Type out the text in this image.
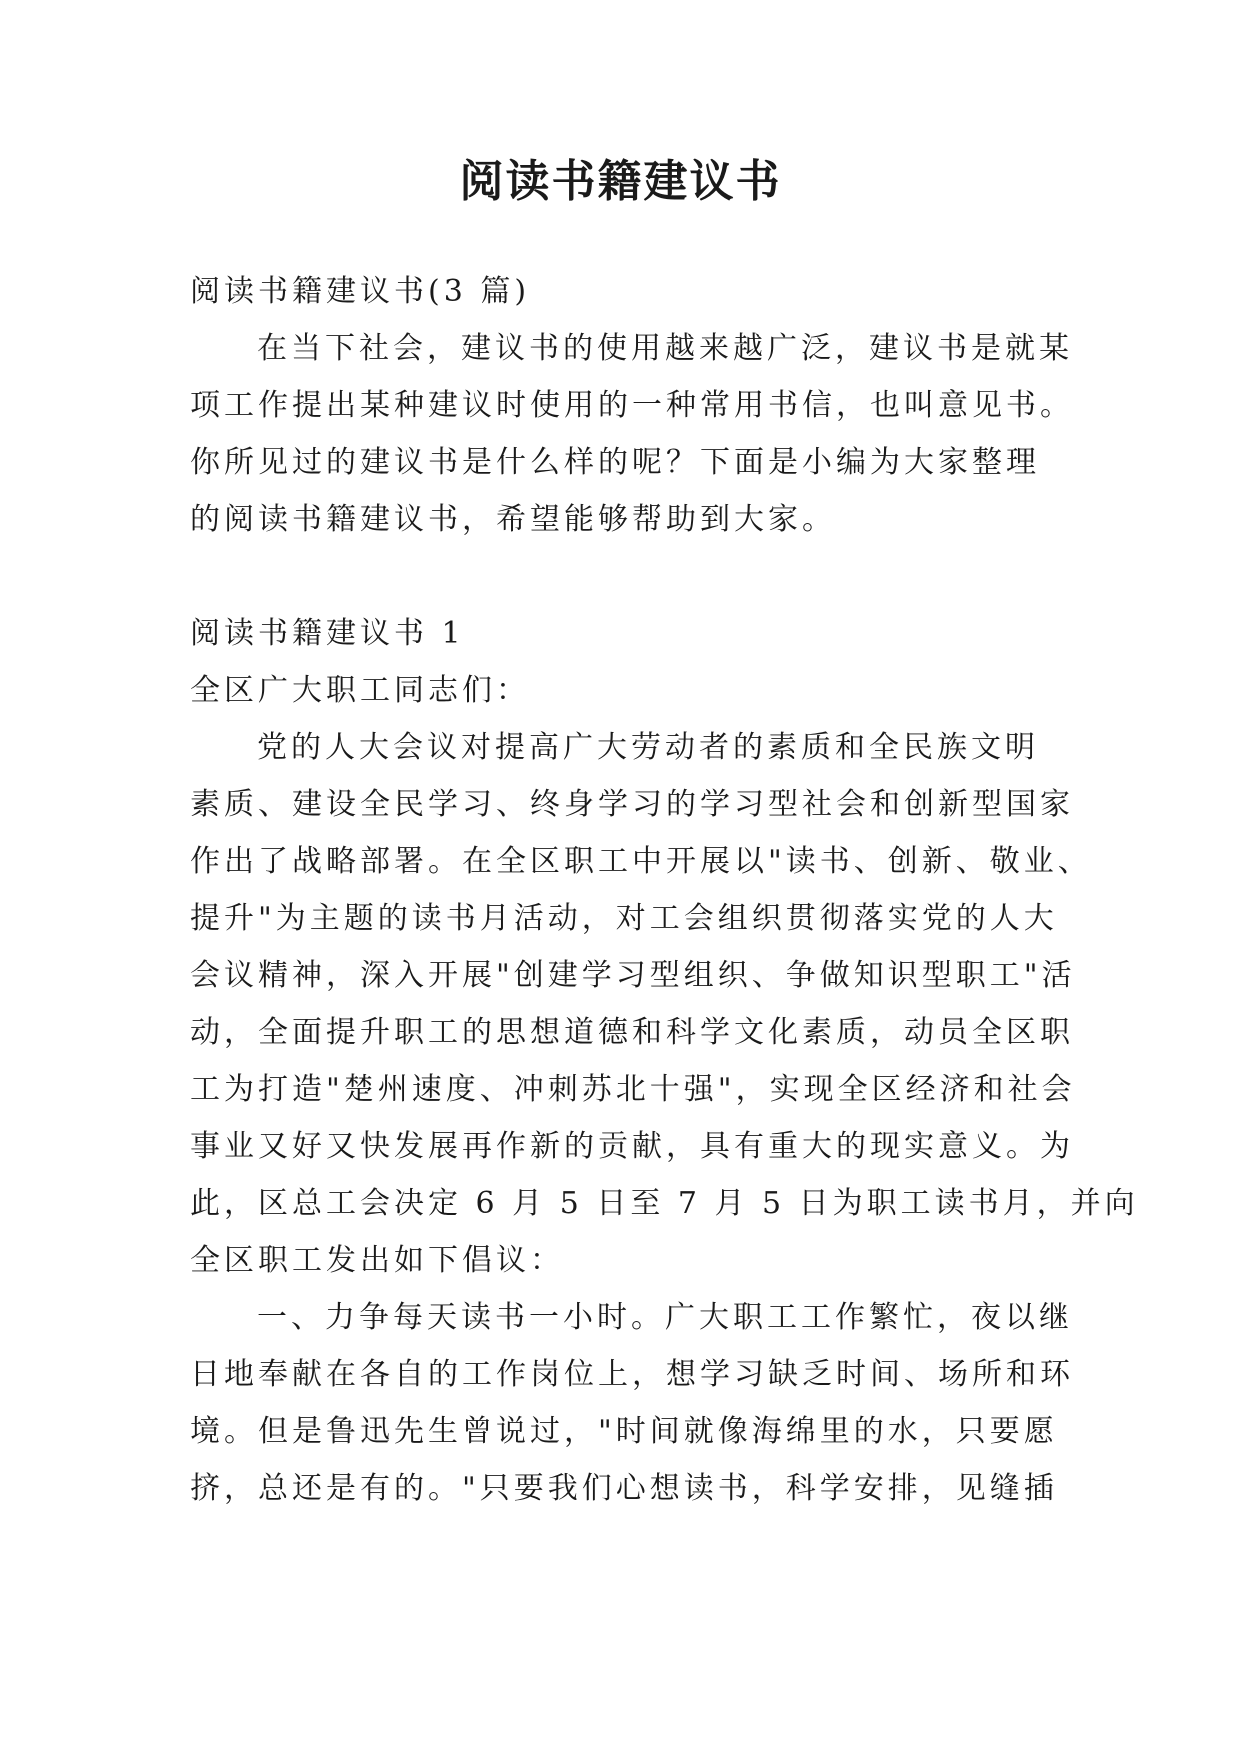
阅读书籍建议书

阅读书籍建议书(3 篇)

在当下社会，建议书的使用越来越广泛，建议书是就某

项工作提出某种建议时使用的一种常用书信，也叫意见书。

你所见过的建议书是什么样的呢？下面是小编为大家整理

的阅读书籍建议书，希望能够帮助到大家。

阅读书籍建议书 1

全区广大职工同志们：

党的人大会议对提高广大劳动者的素质和全民族文明

素质、建设全民学习、终身学习的学习型社会和创新型国家

作出了战略部署。在全区职工中开展以"读书、创新、敬业、

提升"为主题的读书月活动，对工会组织贯彻落实党的人大

会议精神，深入开展"创建学习型组织、争做知识型职工"活

动，全面提升职工的思想道德和科学文化素质，动员全区职

工为打造"楚州速度、冲刺苏北十强"，实现全区经济和社会

事业又好又快发展再作新的贡献，具有重大的现实意义。为

此，区总工会决定 6 月 5 日至 7 月 5 日为职工读书月，并向

全区职工发出如下倡议：

一、力争每天读书一小时。广大职工工作繁忙，夜以继

日地奉献在各自的工作岗位上，想学习缺乏时间、场所和环

境。但是鲁迅先生曾说过，"时间就像海绵里的水，只要愿

挤，总还是有的。"只要我们心想读书，科学安排，见缝插
